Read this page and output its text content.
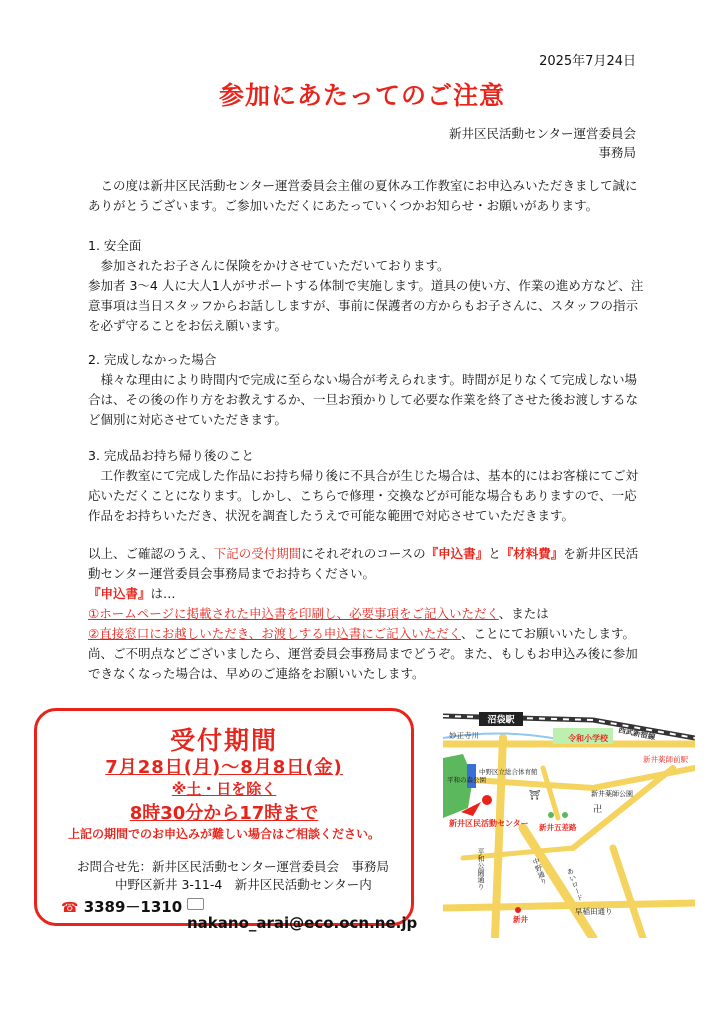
2025年7月24日
参加にあたってのご注意
新井区民活動センター運営委員会
事務局

この度は新井区民活動センター運営委員会主催の夏休み工作教室にお申込みいただきまして誠にありがとうございます。ご参加いただくにあたっていくつかお知らせ・お願いがあります。

1. 安全面

参加されたお子さんに保険をかけさせていただいております。

参加者 3～4 人に大人1人がサポートする体制で実施します。道具の使い方、作業の進め方など、注意事項は当日スタッフからお話ししますが、事前に保護者の方からもお子さんに、スタッフの指示を必ず守ることをお伝え願います。

2. 完成しなかった場合

様々な理由により時間内で完成に至らない場合が考えられます。時間が足りなくて完成しない場合は、その後の作り方をお教えするか、一旦お預かりして必要な作業を終了させた後お渡しするなど個別に対応させていただきます。

3. 完成品お持ち帰り後のこと

工作教室にて完成した作品にお持ち帰り後に不具合が生じた場合は、基本的にはお客様にてご対応いただくことになります。しかし、こちらで修理・交換などが可能な場合もありますので、一応作品をお持ちいただき、状況を調査したうえで可能な範囲で対応させていただきます。

以上、ご確認のうえ、下記の受付期間にそれぞれのコースの『申込書』と『材料費』を新井区民活動センター運営委員会事務局までお持ちください。

『申込書』は…

①ホームページに掲載された申込書を印刷し、必要事項をご記入いただく、または

②直接窓口にお越しいただき、お渡しする申込書にご記入いただく、ことにてお願いいたします。

尚、ご不明点などございましたら、運営委員会事務局までどうぞ。また、もしもお申込み後に参加できなくなった場合は、早めのご連絡をお願いいたします。

受付期間
7月28日(月)～8月8日(金)
※土・日を除く
8時30分から17時まで
上記の期間でのお申込みが難しい場合はご相談ください。
お問合せ先：新井区民活動センター運営委員会　事務局
中野区新井 3-11-4　新井区民活動センター内
☎ 3389－1310
nakano_arai@eco.ocn.ne.jp
沼袋駅
西武新宿線
妙正寺川	令和小学校
新井薬師前駅
平和の森公園
中野区立総合体育館
新井薬師公園
新井区民活動センター 新井五差路
平和公園通り	中野通り あいロード
早稲田通り
新井
卍
⛩
